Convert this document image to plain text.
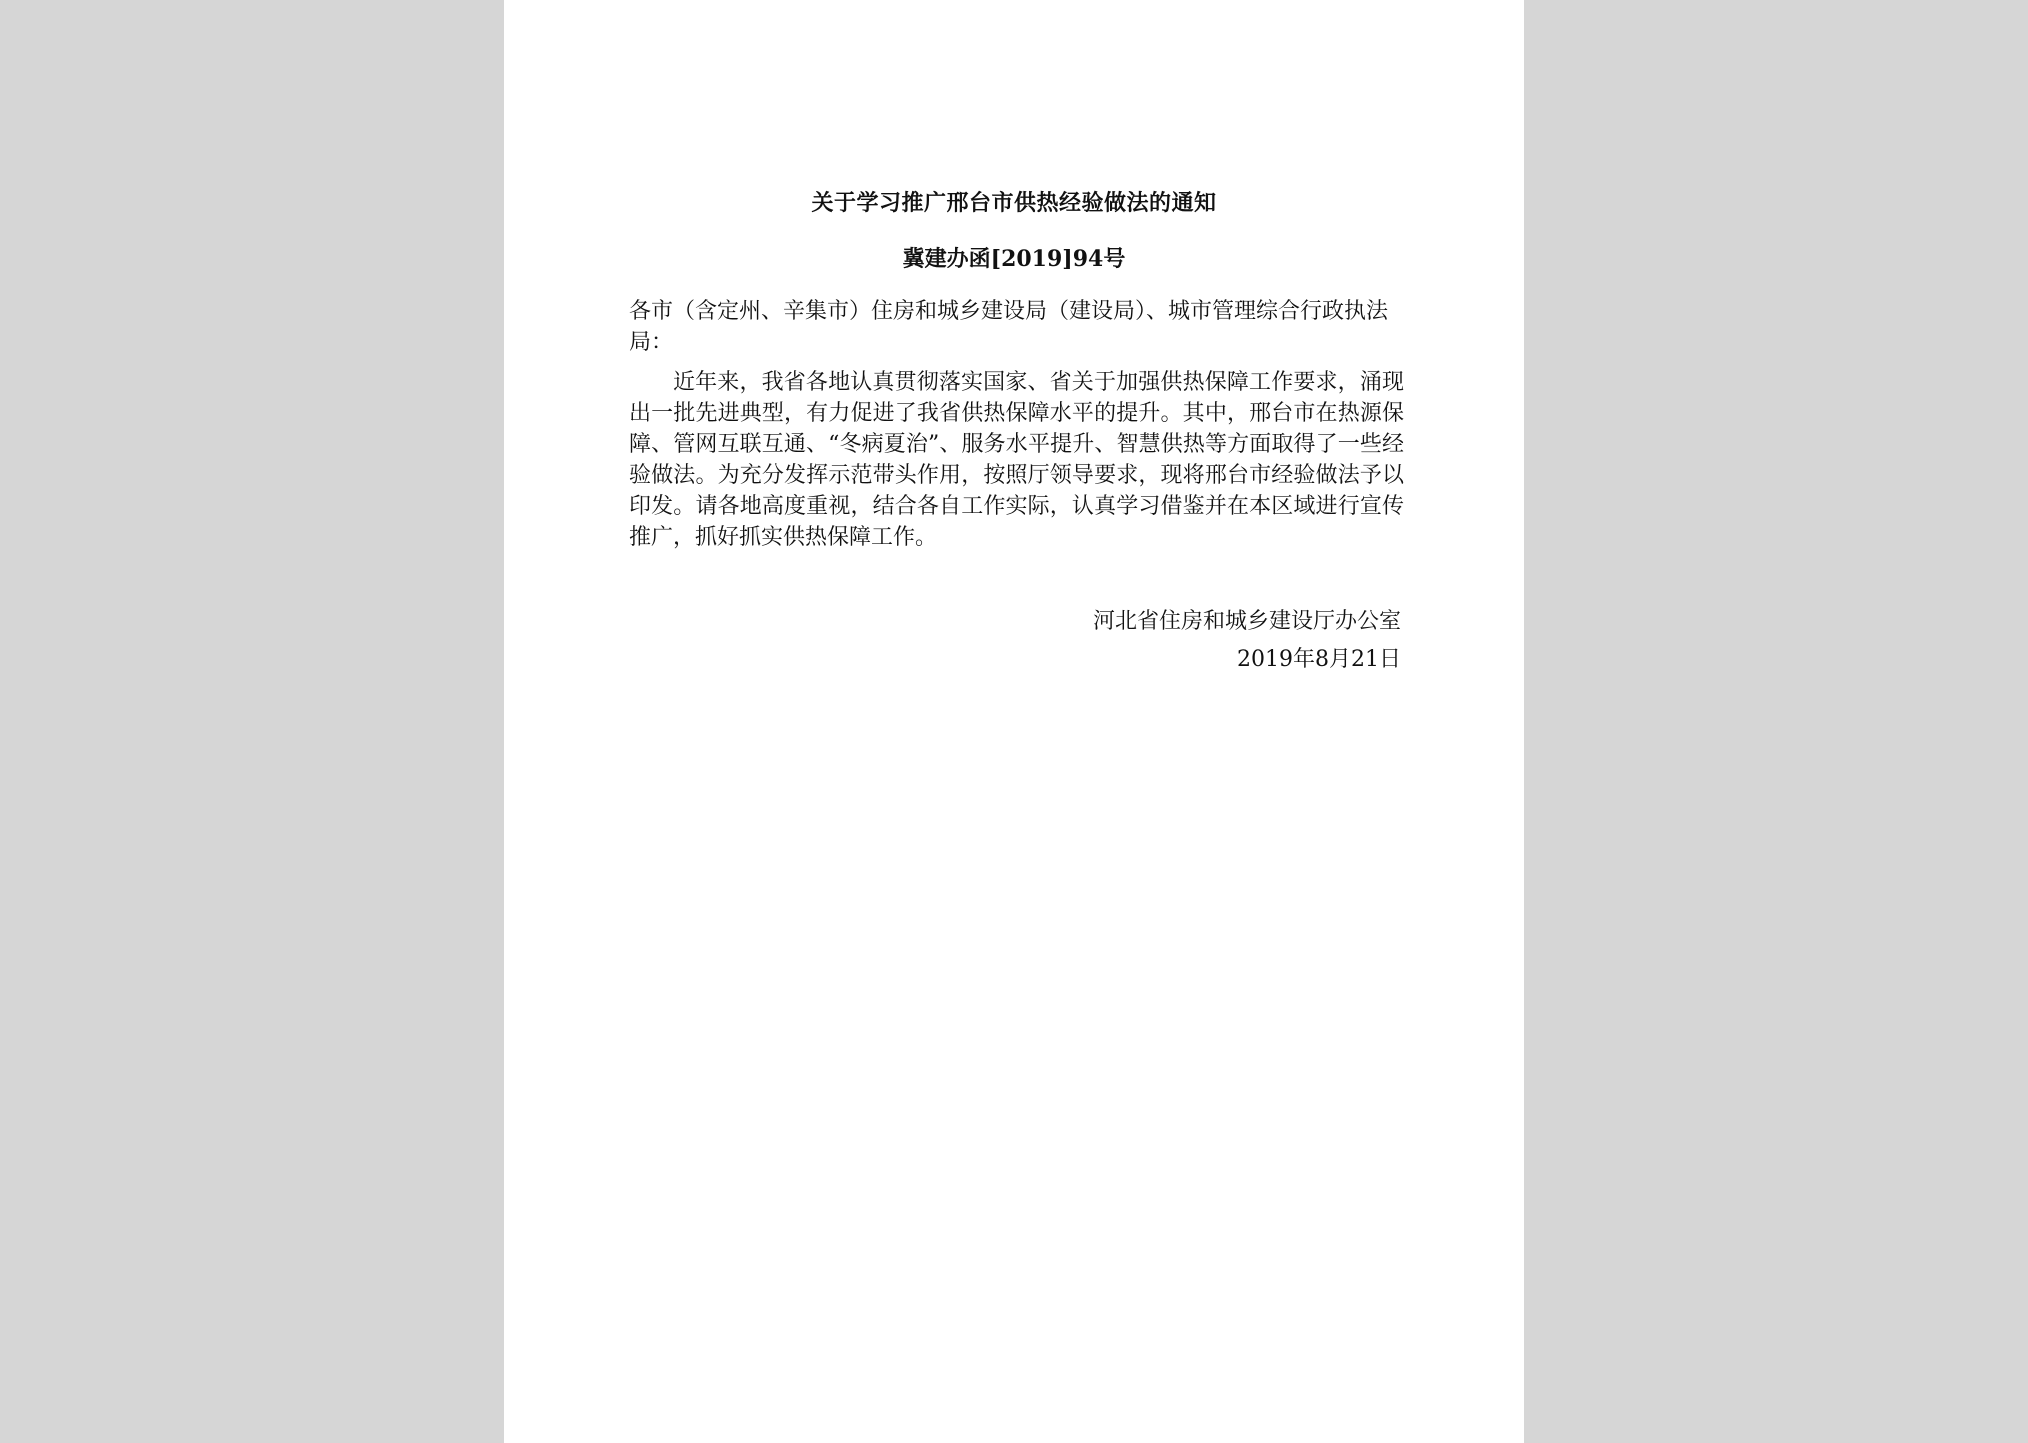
关于学习推广邢台市供热经验做法的通知
冀建办函[2019]94号
各市（含定州、辛集市）住房和城乡建设局（建设局）、城市管理综合行政执法局：
近年来，我省各地认真贯彻落实国家、省关于加强供热保障工作要求，涌现出一批先进典型，有力促进了我省供热保障水平的提升。其中，邢台市在热源保障、管网互联互通、“冬病夏治”、服务水平提升、智慧供热等方面取得了一些经验做法。为充分发挥示范带头作用，按照厅领导要求，现将邢台市经验做法予以印发。请各地高度重视，结合各自工作实际，认真学习借鉴并在本区域进行宣传推广，抓好抓实供热保障工作。
河北省住房和城乡建设厅办公室
2019年8月21日
